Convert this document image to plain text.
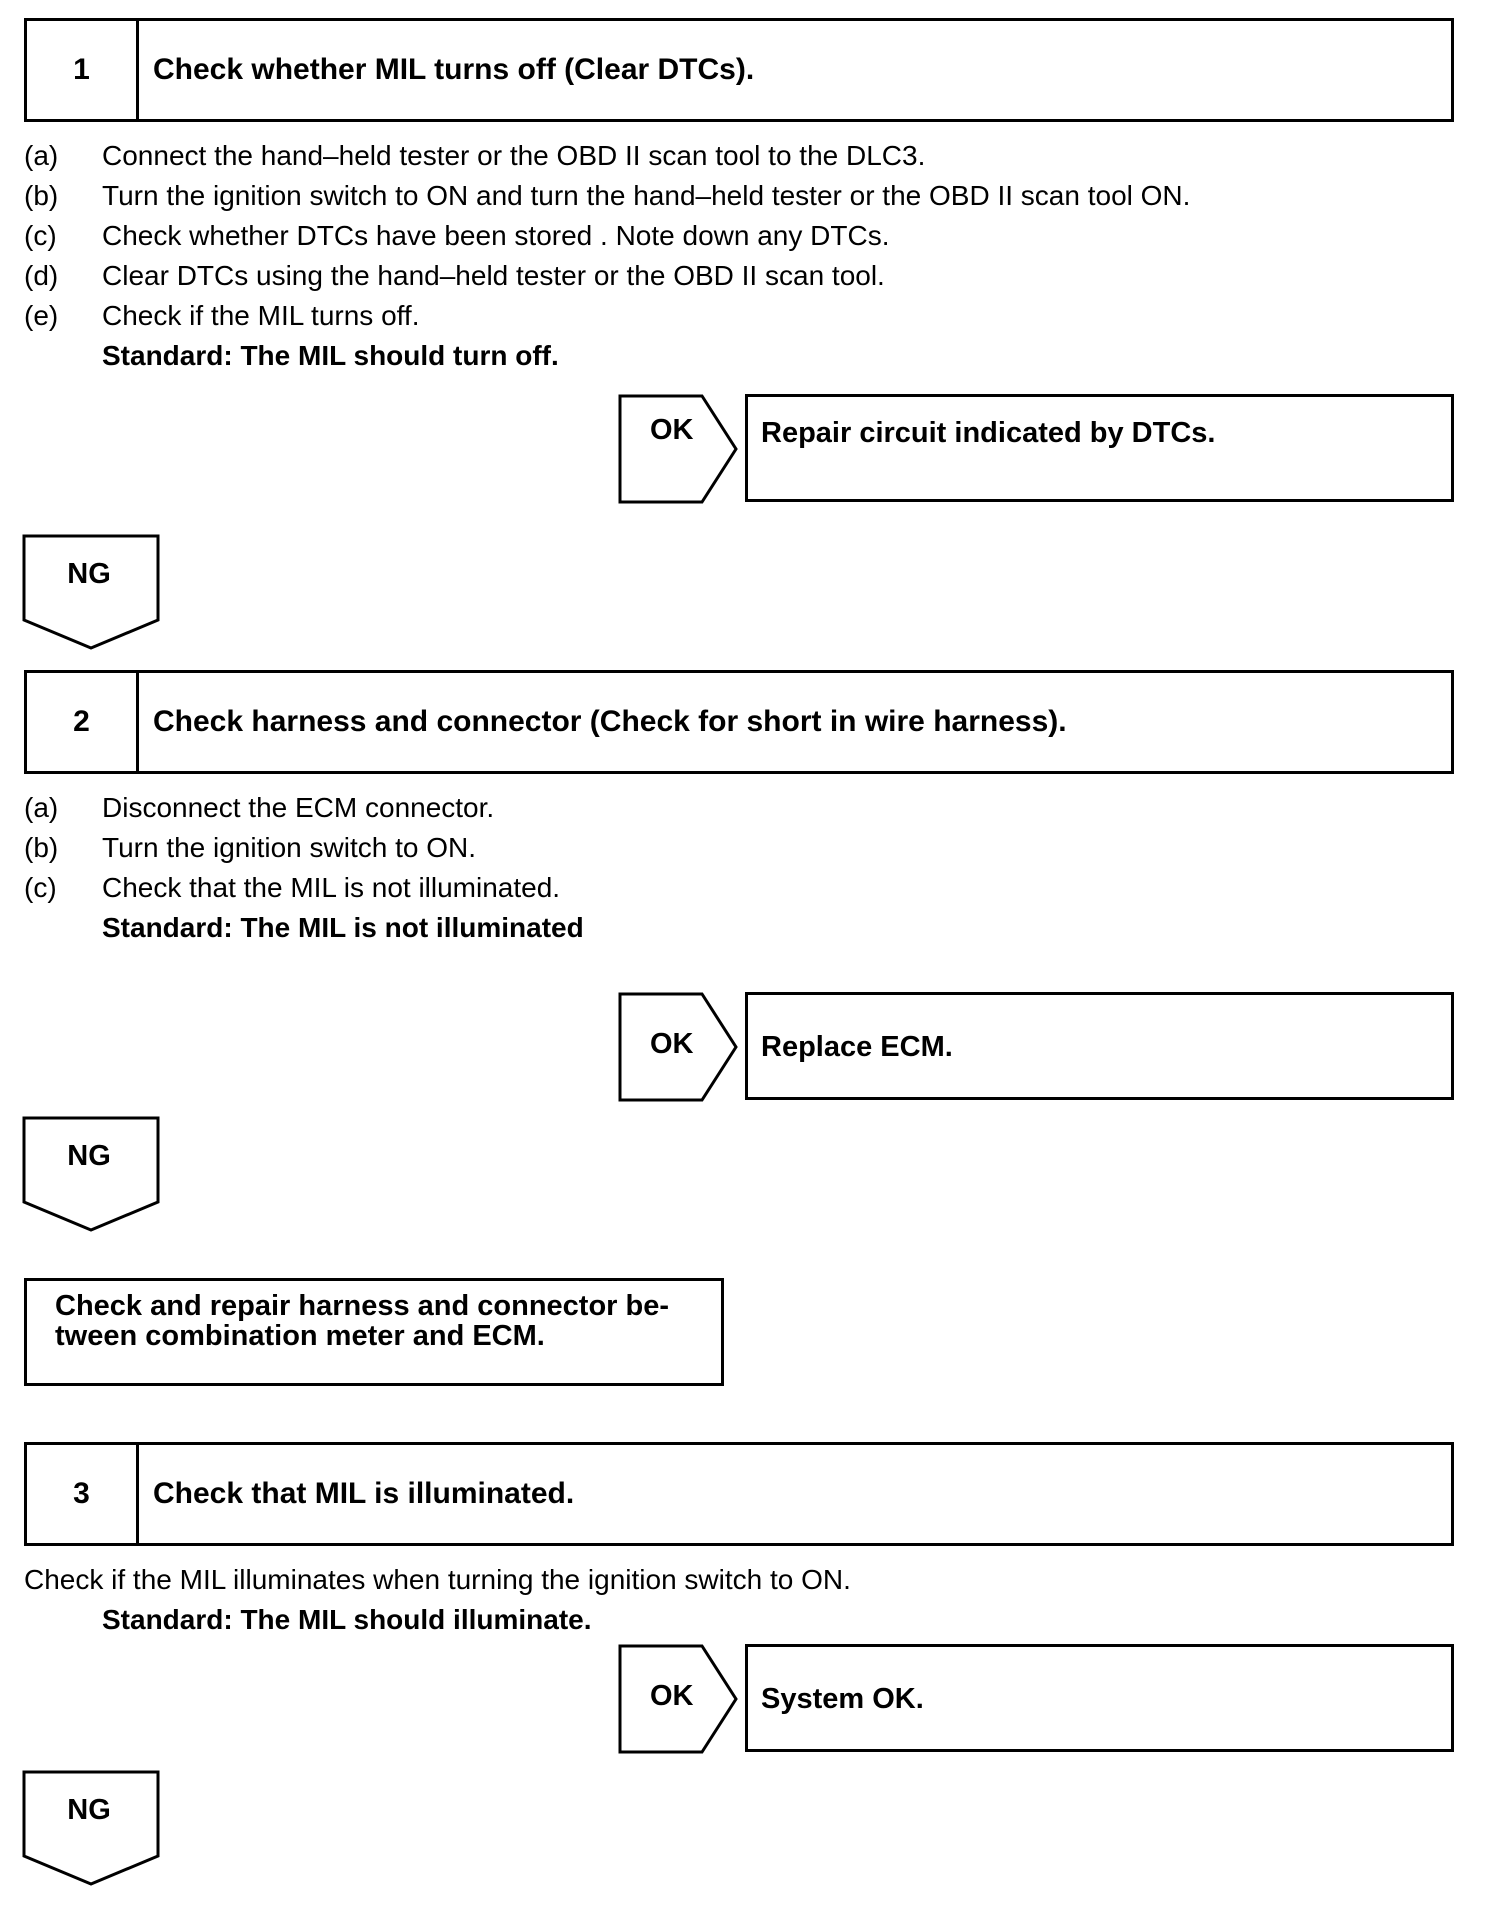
1	Check whether MIL turns off (Clear DTCs).
(a) Connect the hand–held tester or the OBD II scan tool to the DLC3.
(b) Turn the ignition switch to ON and turn the hand–held tester or the OBD II scan tool ON.
(c) Check whether DTCs have been stored . Note down any DTCs.
(d) Clear DTCs using the hand–held tester or the OBD II scan tool.
(e) Check if the MIL turns off.
Standard: The MIL should turn off.
OK	Repair circuit indicated by DTCs.
NG
2	Check harness and connector (Check for short in wire harness).
(a) Disconnect the ECM connector.
(b) Turn the ignition switch to ON.
(c) Check that the MIL is not illuminated.
Standard: The MIL is not illuminated
OK	Replace ECM.
NG
Check and repair harness and connector be-
tween combination meter and ECM.
3	Check that MIL is illuminated.
Check if the MIL illuminates when turning the ignition switch to ON.
Standard: The MIL should illuminate.
OK	System OK.
NG
